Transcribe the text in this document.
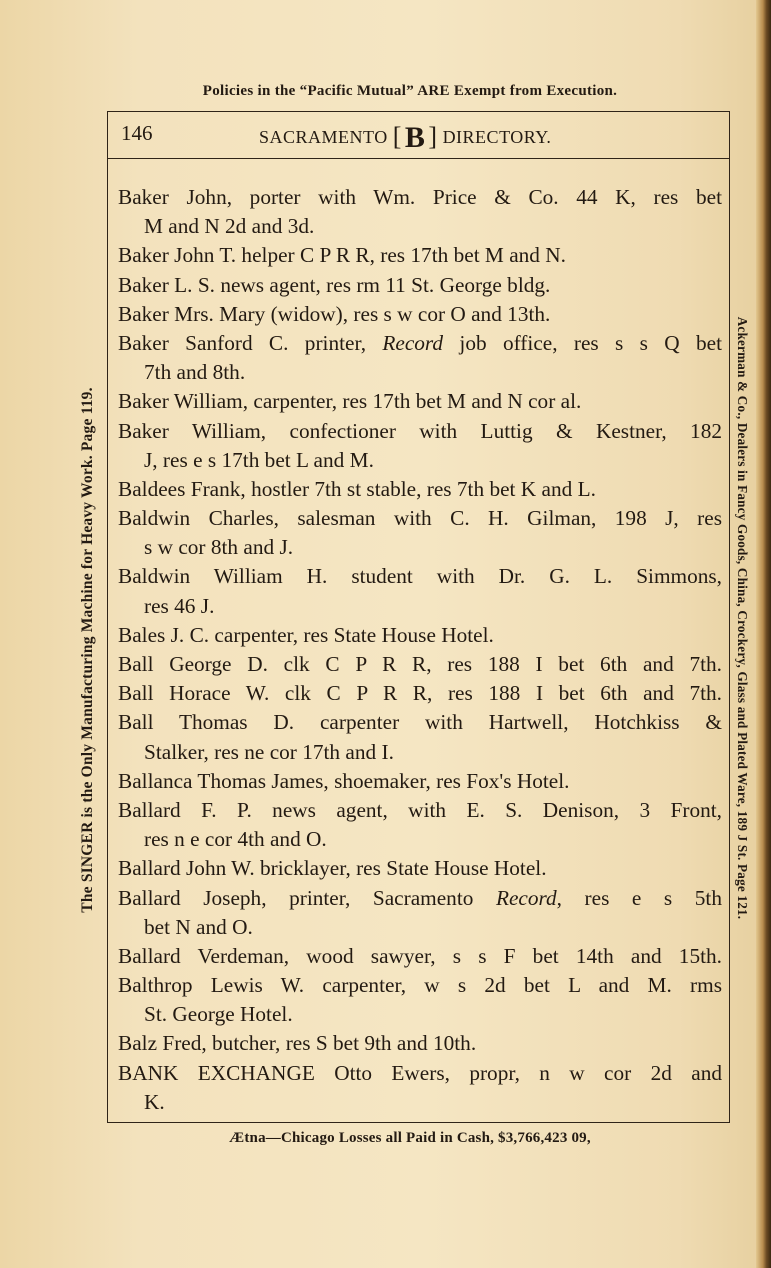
Policies in the “Pacific Mutual” ARE Exempt from Execution.
146	SACRAMENTO [ B ] DIRECTORY.
Baker John, porter with Wm. Price & Co. 44 K, res bet
M and N 2d and 3d.
Baker John T. helper C P R R, res 17th bet M and N.
Baker L. S. news agent, res rm 11 St. George bldg.
Baker Mrs. Mary (widow), res s w cor O and 13th.
Baker Sanford C. printer, Record job office, res s s Q bet
7th and 8th.
Baker William, carpenter, res 17th bet M and N cor al.
Baker William, confectioner with Luttig & Kestner, 182
J, res e s 17th bet L and M.
Baldees Frank, hostler 7th st stable, res 7th bet K and L.
Baldwin Charles, salesman with C. H. Gilman, 198 J, res
s w cor 8th and J.
Baldwin William H. student with Dr. G. L. Simmons,
res 46 J.
Bales J. C. carpenter, res State House Hotel.
Ball George D. clk C P R R, res 188 I bet 6th and 7th.
Ball Horace W. clk C P R R, res 188 I bet 6th and 7th.
Ball Thomas D. carpenter with Hartwell, Hotchkiss &
Stalker, res ne cor 17th and I.
Ballanca Thomas James, shoemaker, res Fox's Hotel.
Ballard F. P. news agent, with E. S. Denison, 3 Front,
res n e cor 4th and O.
Ballard John W. bricklayer, res State House Hotel.
Ballard Joseph, printer, Sacramento Record, res e s 5th
bet N and O.
Ballard Verdeman, wood sawyer, s s F bet 14th and 15th.
Balthrop Lewis W. carpenter, w s 2d bet L and M. rms
St. George Hotel.
Balz Fred, butcher, res S bet 9th and 10th.
BANK EXCHANGE Otto Ewers, propr, n w cor 2d and
K.
The SINGER is the Only Manufacturing Machine for Heavy Work. Page 119.	Ackerman & Co., Dealers in Fancy Goods, China, Crockery, Glass and Plated Ware, 189 J St. Page 121.
Ætna—Chicago Losses all Paid in Cash, $3,766,423 09,
